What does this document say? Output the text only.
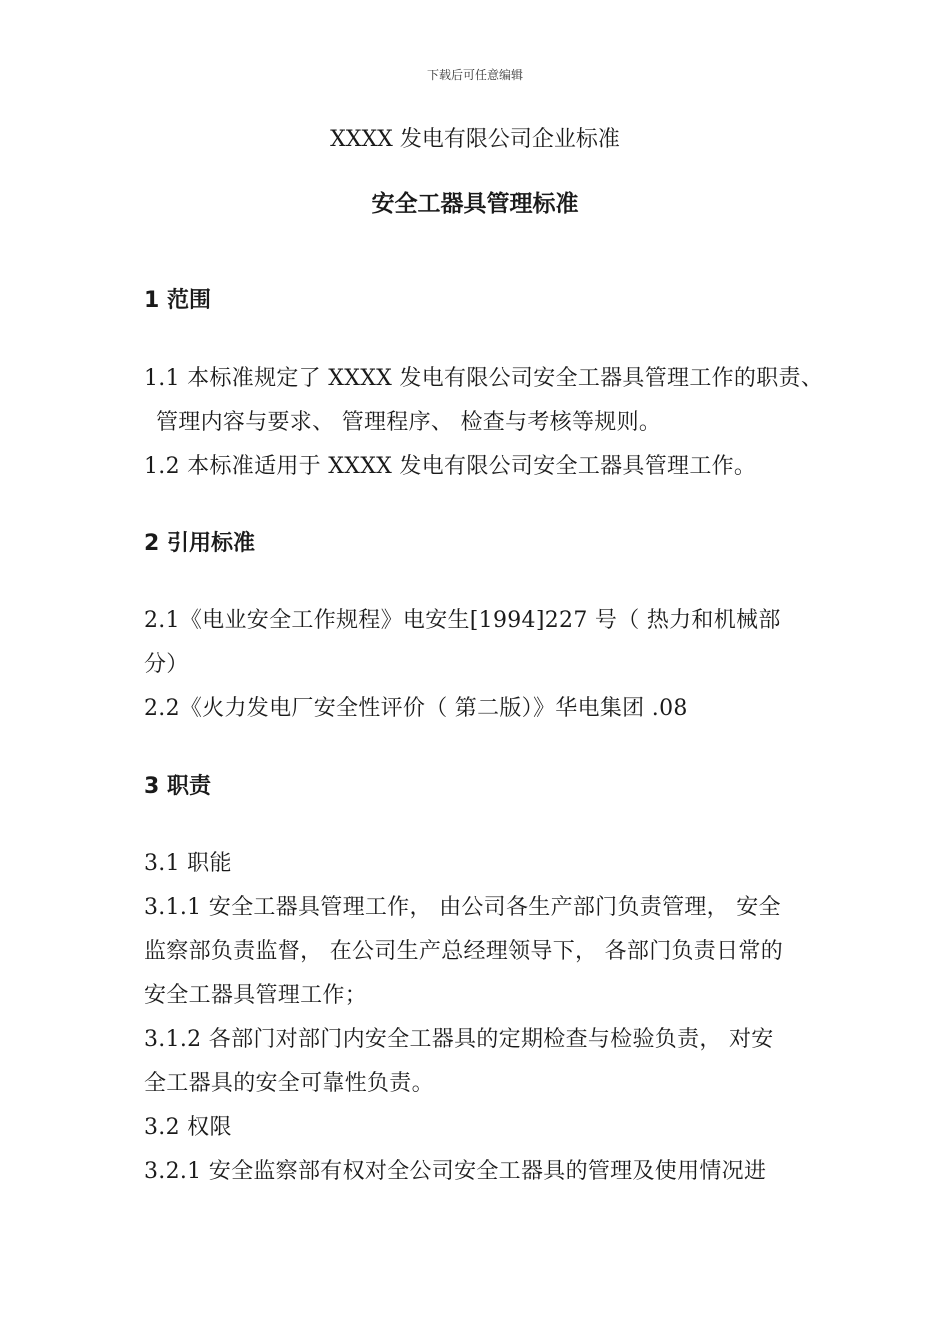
下载后可任意编辑
XXXX 发电有限公司企业标准
安全工器具管理标准

1 范围

1.1 本标准规定了 XXXX 发电有限公司安全工器具管理工作的职责、
管理内容与要求、 管理程序、 检查与考核等规则。

1.2 本标准适用于 XXXX 发电有限公司安全工器具管理工作。

2 引用标准

2.1《电业安全工作规程》电安生[1994]227 号（ 热力和机械部
分）

2.2《火力发电厂安全性评价（ 第二版）》华电集团 .08

3 职责

3.1 职能

3.1.1 安全工器具管理工作， 由公司各生产部门负责管理， 安全
监察部负责监督， 在公司生产总经理领导下， 各部门负责日常的
安全工器具管理工作；

3.1.2 各部门对部门内安全工器具的定期检查与检验负责， 对安
全工器具的安全可靠性负责。

3.2 权限

3.2.1 安全监察部有权对全公司安全工器具的管理及使用情况进
